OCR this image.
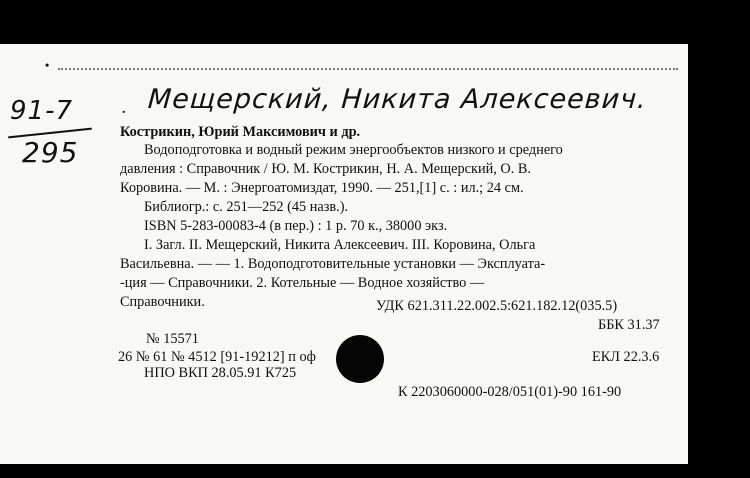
•
91-7
295
. Мещерский, Никита Алексеевич.
Кострикин, Юрий Максимович и др.
Водоподготовка и водный режим энергообъектов низкого и среднего
давления : Справочник / Ю. М. Кострикин, Н. А. Мещерский, О. В.
Коровина. — М. : Энергоатомиздат, 1990. — 251,[1] с. : ил.; 24 см.
Библиогр.: с. 251—252 (45 назв.).
ISBN 5-283-00083-4 (в пер.) : 1 р. 70 к., 38000 экз.
I. Загл. II. Мещерский, Никита Алексеевич. III. Коровина, Ольга
Васильевна. — — 1. Водоподготовительные установки — Эксплуата-
-ция — Справочники. 2. Котельные — Водное хозяйство —
Справочники.	УДК 621.311.22.002.5:621.182.12(035.5)
ББК 31.37
№ 15571
26 № 61 № 4512 [91-19212] п оф	ЕКЛ 22.3.6
НПО ВКП 28.05.91 К725
К 2203060000-028/051(01)-90 161-90
